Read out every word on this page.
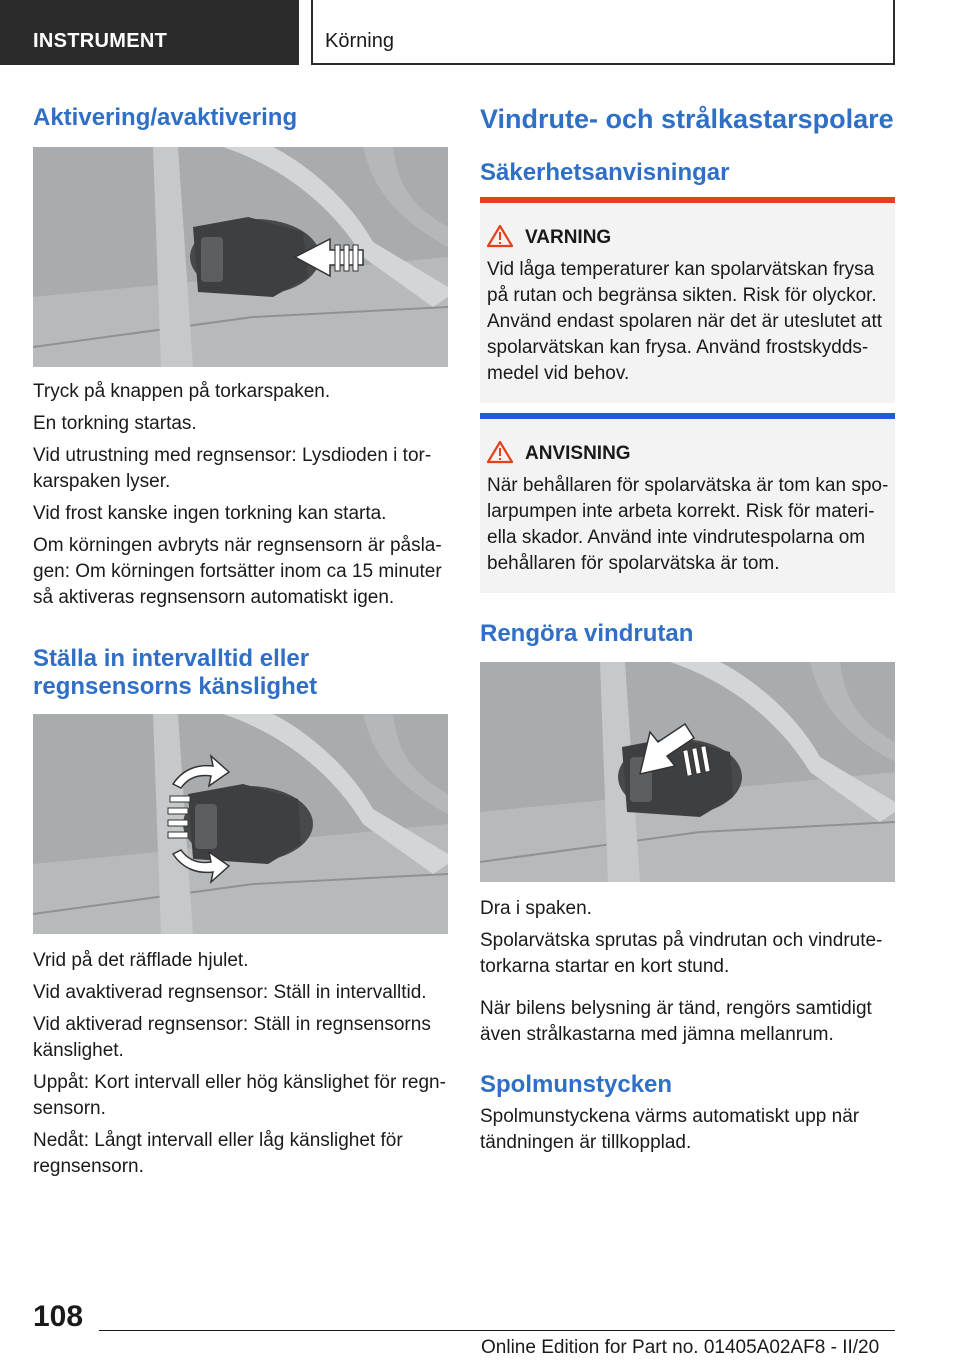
INSTRUMENT	Körning
Aktivering/avaktivering
Tryck på knappen på torkarspaken.
En torkning startas.
Vid utrustning med regnsensor: Lysdioden i tor-
karspaken lyser.
Vid frost kanske ingen torkning kan starta.
Om körningen avbryts när regnsensorn är påsla-
gen: Om körningen fortsätter inom ca 15 minuter
så aktiveras regnsensorn automatiskt igen.
Ställa in intervalltid eller
regnsensorns känslighet
Vrid på det räfflade hjulet.
Vid avaktiverad regnsensor: Ställ in intervalltid.
Vid aktiverad regnsensor: Ställ in regnsensorns
känslighet.
Uppåt: Kort intervall eller hög känslighet för regn-
sensorn.
Nedåt: Långt intervall eller låg känslighet för
regnsensorn.
Vindrute- och strålkastarspolare
Säkerhetsanvisningar
VARNING
Vid låga temperaturer kan spolarvätskan frysa
på rutan och begränsa sikten. Risk för olyckor.
Använd endast spolaren när det är uteslutet att
spolarvätskan kan frysa. Använd frostskydds-
medel vid behov.
ANVISNING
När behållaren för spolarvätska är tom kan spo-
larpumpen inte arbeta korrekt. Risk för materi-
ella skador. Använd inte vindrutespolarna om
behållaren för spolarvätska är tom.
Rengöra vindrutan
Dra i spaken.
Spolarvätska sprutas på vindrutan och vindrute-
torkarna startar en kort stund.
När bilens belysning är tänd, rengörs samtidigt
även strålkastarna med jämna mellanrum.
Spolmunstycken
Spolmunstyckena värms automatiskt upp när
tändningen är tillkopplad.
108
Online Edition for Part no. 01405A02AF8 - II/20
